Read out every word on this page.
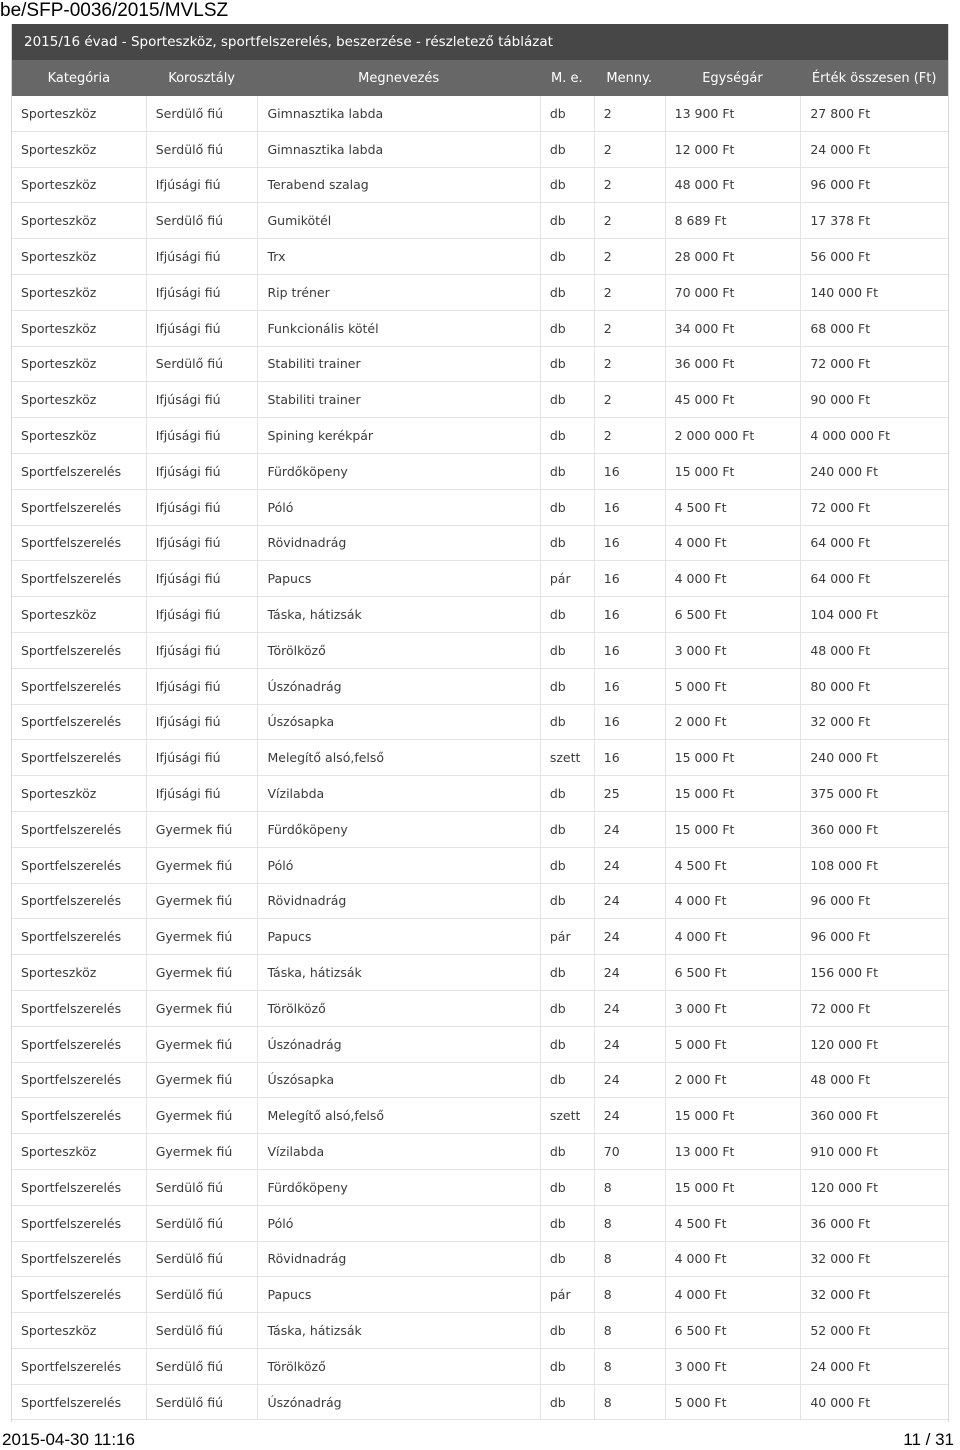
be/SFP-0036/2015/MVLSZ
2015/16 évad - Sporteszköz, sportfelszerelés, beszerzése - részletező táblázat
Kategória	Korosztály	Megnevezés	M. e.	Menny.	Egységár	Érték összesen (Ft)
Sporteszköz	Serdülő fiú	Gimnasztika labda	db	2	13 900 Ft	27 800 Ft
Sporteszköz	Serdülő fiú	Gimnasztika labda	db	2	12 000 Ft	24 000 Ft
Sporteszköz	Ifjúsági fiú	Terabend szalag	db	2	48 000 Ft	96 000 Ft
Sporteszköz	Serdülő fiú	Gumikötél	db	2	8 689 Ft	17 378 Ft
Sporteszköz	Ifjúsági fiú	Trx	db	2	28 000 Ft	56 000 Ft
Sporteszköz	Ifjúsági fiú	Rip tréner	db	2	70 000 Ft	140 000 Ft
Sporteszköz	Ifjúsági fiú	Funkcionális kötél	db	2	34 000 Ft	68 000 Ft
Sporteszköz	Serdülő fiú	Stabiliti trainer	db	2	36 000 Ft	72 000 Ft
Sporteszköz	Ifjúsági fiú	Stabiliti trainer	db	2	45 000 Ft	90 000 Ft
Sporteszköz	Ifjúsági fiú	Spining kerékpár	db	2	2 000 000 Ft	4 000 000 Ft
Sportfelszerelés	Ifjúsági fiú	Fürdőköpeny	db	16	15 000 Ft	240 000 Ft
Sportfelszerelés	Ifjúsági fiú	Póló	db	16	4 500 Ft	72 000 Ft
Sportfelszerelés	Ifjúsági fiú	Rövidnadrág	db	16	4 000 Ft	64 000 Ft
Sportfelszerelés	Ifjúsági fiú	Papucs	pár	16	4 000 Ft	64 000 Ft
Sporteszköz	Ifjúsági fiú	Táska, hátizsák	db	16	6 500 Ft	104 000 Ft
Sportfelszerelés	Ifjúsági fiú	Törölköző	db	16	3 000 Ft	48 000 Ft
Sportfelszerelés	Ifjúsági fiú	Úszónadrág	db	16	5 000 Ft	80 000 Ft
Sportfelszerelés	Ifjúsági fiú	Úszósapka	db	16	2 000 Ft	32 000 Ft
Sportfelszerelés	Ifjúsági fiú	Melegítő alsó,felső	szett	16	15 000 Ft	240 000 Ft
Sporteszköz	Ifjúsági fiú	Vízilabda	db	25	15 000 Ft	375 000 Ft
Sportfelszerelés	Gyermek fiú	Fürdőköpeny	db	24	15 000 Ft	360 000 Ft
Sportfelszerelés	Gyermek fiú	Póló	db	24	4 500 Ft	108 000 Ft
Sportfelszerelés	Gyermek fiú	Rövidnadrág	db	24	4 000 Ft	96 000 Ft
Sportfelszerelés	Gyermek fiú	Papucs	pár	24	4 000 Ft	96 000 Ft
Sporteszköz	Gyermek fiú	Táska, hátizsák	db	24	6 500 Ft	156 000 Ft
Sportfelszerelés	Gyermek fiú	Törölköző	db	24	3 000 Ft	72 000 Ft
Sportfelszerelés	Gyermek fiú	Úszónadrág	db	24	5 000 Ft	120 000 Ft
Sportfelszerelés	Gyermek fiú	Úszósapka	db	24	2 000 Ft	48 000 Ft
Sportfelszerelés	Gyermek fiú	Melegítő alsó,felső	szett	24	15 000 Ft	360 000 Ft
Sporteszköz	Gyermek fiú	Vízilabda	db	70	13 000 Ft	910 000 Ft
Sportfelszerelés	Serdülő fiú	Fürdőköpeny	db	8	15 000 Ft	120 000 Ft
Sportfelszerelés	Serdülő fiú	Póló	db	8	4 500 Ft	36 000 Ft
Sportfelszerelés	Serdülő fiú	Rövidnadrág	db	8	4 000 Ft	32 000 Ft
Sportfelszerelés	Serdülő fiú	Papucs	pár	8	4 000 Ft	32 000 Ft
Sporteszköz	Serdülő fiú	Táska, hátizsák	db	8	6 500 Ft	52 000 Ft
Sportfelszerelés	Serdülő fiú	Törölköző	db	8	3 000 Ft	24 000 Ft
Sportfelszerelés	Serdülő fiú	Úszónadrág	db	8	5 000 Ft	40 000 Ft
2015-04-30 11:16	11 / 31
